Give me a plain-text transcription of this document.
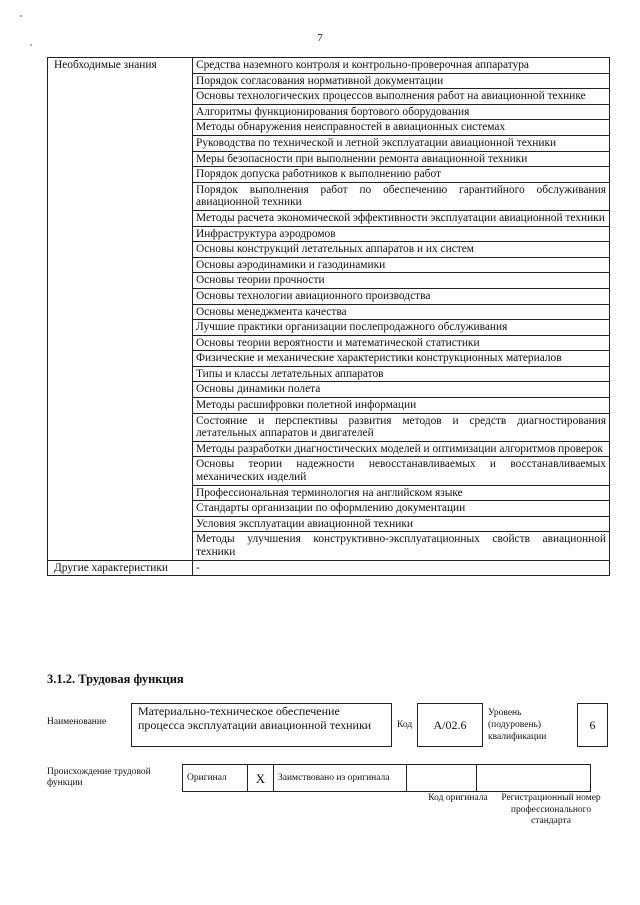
7
Необходимые знания	Средства наземного контроля и контрольно-проверочная аппаратура
	Порядок согласования нормативной документации
	Основы технологических процессов выполнения работ на авиационной технике
	Алгоритмы функционирования бортового оборудования
	Методы обнаружения неисправностей в авиационных системах
	Руководства по технической и летной эксплуатации авиационной техники
	Меры безопасности при выполнении ремонта авиационной техники
	Порядок допуска работников к выполнению работ
	Порядок выполнения работ по обеспечению гарантийного обслуживания авиационной техники
	Методы расчета экономической эффективности эксплуатации авиационной техники
	Инфраструктура аэродромов
	Основы конструкций летательных аппаратов и их систем
	Основы аэродинамики и газодинамики
	Основы теории прочности
	Основы технологии авиационного производства
	Основы менеджмента качества
	Лучшие практики организации послепродажного обслуживания
	Основы теории вероятности и математической статистики
	Физические и механические характеристики конструкционных материалов
	Типы и классы летательных аппаратов
	Основы динамики полета
	Методы расшифровки полетной информации
	Состояние и перспективы развития методов и средств диагностирования летательных аппаратов и двигателей
	Методы разработки диагностических моделей и оптимизации алгоритмов проверок
	Основы теории надежности невосстанавливаемых и восстанавливаемых механических изделий
	Профессиональная терминология на английском языке
	Стандарты организации по оформлению документации
	Условия эксплуатации авиационной техники
	Методы улучшения конструктивно-эксплуатационных свойств авиационной техники
Другие характеристики	-
3.1.2. Трудовая функция
Наименование
Материально-техническое обеспечение процесса эксплуатации авиационной техники	Код	A/02.6
Уровень (подуровень) квалификации
6
Происхождение трудовой функции
Оригинал	X	Заимствовано из оригинала		
Код оригинала	Регистрационный номер профессионального стандарта
